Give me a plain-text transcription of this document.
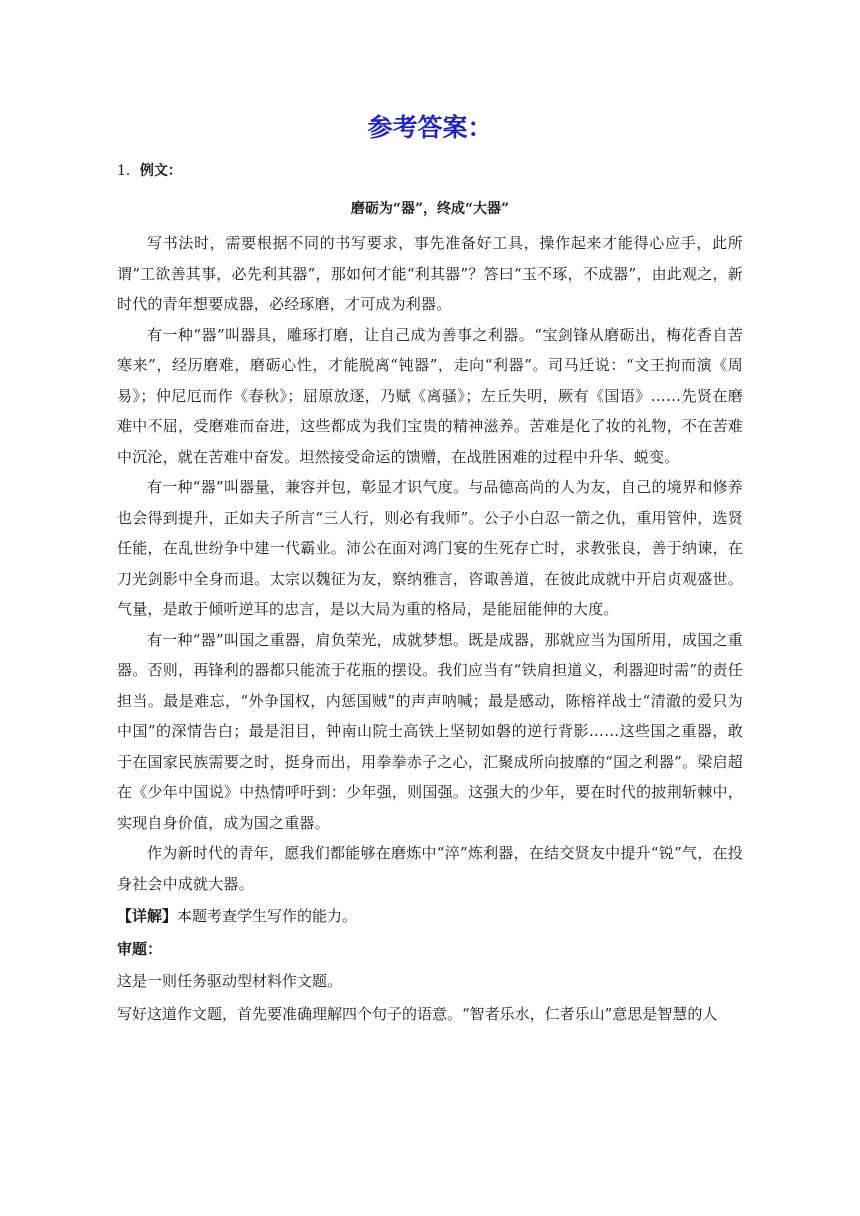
参考答案：

1．例文：

磨砺为“器”，终成“大器”

写书法时，需要根据不同的书写要求，事先准备好工具，操作起来才能得心应手，此所谓“工欲善其事，必先利其器”，那如何才能“利其器”？答曰“玉不琢，不成器”，由此观之，新时代的青年想要成器，必经琢磨，才可成为利器。

有一种“器”叫器具，雕琢打磨，让自己成为善事之利器。“宝剑锋从磨砺出，梅花香自苦寒来”，经历磨难，磨砺心性，才能脱离“钝器”，走向“利器”。司马迁说：“文王拘而演《周易》；仲尼厄而作《春秋》；屈原放逐，乃赋《离骚》；左丘失明，厥有《国语》……先贤在磨难中不屈，受磨难而奋进，这些都成为我们宝贵的精神滋养。苦难是化了妆的礼物，不在苦难中沉沦，就在苦难中奋发。坦然接受命运的馈赠，在战胜困难的过程中升华、蜕变。

有一种“器”叫器量，兼容并包，彰显才识气度。与品德高尚的人为友，自己的境界和修养也会得到提升，正如夫子所言“三人行，则必有我师”。公子小白忍一箭之仇，重用管仲，选贤任能，在乱世纷争中建一代霸业。沛公在面对鸿门宴的生死存亡时，求教张良，善于纳谏，在刀光剑影中全身而退。太宗以魏征为友，察纳雅言，咨诹善道，在彼此成就中开启贞观盛世。气量，是敢于倾听逆耳的忠言，是以大局为重的格局，是能屈能伸的大度。

有一种“器”叫国之重器，肩负荣光，成就梦想。既是成器，那就应当为国所用，成国之重器。否则，再锋利的器都只能流于花瓶的摆设。我们应当有“铁肩担道义，利器迎时需”的责任担当。最是难忘，“外争国权，内惩国贼”的声声呐喊；最是感动，陈榕祥战士“清澈的爱只为中国”的深情告白；最是泪目，钟南山院士高铁上坚韧如磐的逆行背影……这些国之重器，敢于在国家民族需要之时，挺身而出，用拳拳赤子之心，汇聚成所向披靡的“国之利器”。梁启超在《少年中国说》中热情呼吁到：少年强，则国强。这强大的少年，要在时代的披荆斩棘中，实现自身价值，成为国之重器。

作为新时代的青年，愿我们都能够在磨炼中“淬”炼利器，在结交贤友中提升“锐”气，在投身社会中成就大器。

【详解】本题考查学生写作的能力。

审题：

这是一则任务驱动型材料作文题。

写好这道作文题，首先要准确理解四个句子的语意。“智者乐水，仁者乐山”意思是智慧的人
